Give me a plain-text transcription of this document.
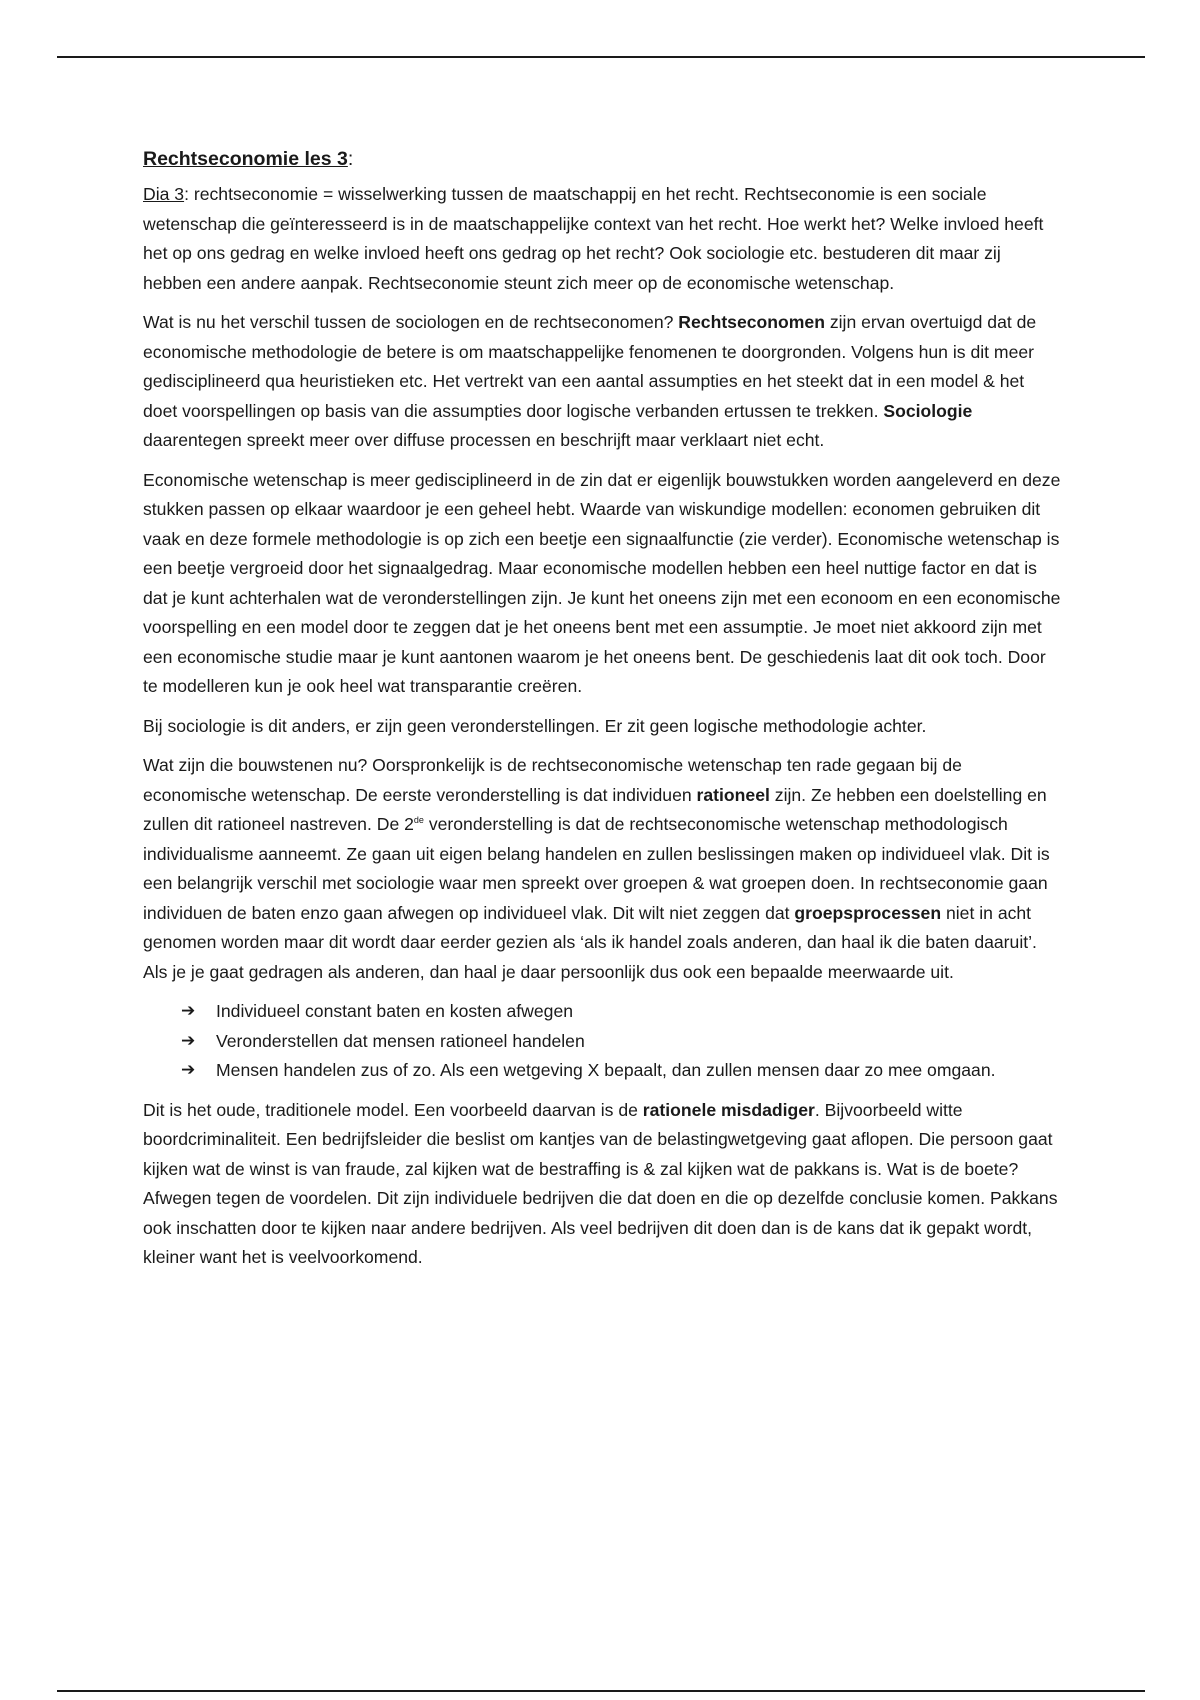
Rechtseconomie les 3:

Dia 3: rechtseconomie = wisselwerking tussen de maatschappij en het recht. Rechtseconomie is een sociale wetenschap die geïnteresseerd is in de maatschappelijke context van het recht. Hoe werkt het? Welke invloed heeft het op ons gedrag en welke invloed heeft ons gedrag op het recht? Ook sociologie etc. bestuderen dit maar zij hebben een andere aanpak. Rechtseconomie steunt zich meer op de economische wetenschap.

Wat is nu het verschil tussen de sociologen en de rechtseconomen? Rechtseconomen zijn ervan overtuigd dat de economische methodologie de betere is om maatschappelijke fenomenen te doorgronden. Volgens hun is dit meer gedisciplineerd qua heuristieken etc. Het vertrekt van een aantal assumpties en het steekt dat in een model & het doet voorspellingen op basis van die assumpties door logische verbanden ertussen te trekken. Sociologie daarentegen spreekt meer over diffuse processen en beschrijft maar verklaart niet echt.

Economische wetenschap is meer gedisciplineerd in de zin dat er eigenlijk bouwstukken worden aangeleverd en deze stukken passen op elkaar waardoor je een geheel hebt. Waarde van wiskundige modellen: economen gebruiken dit vaak en deze formele methodologie is op zich een beetje een signaalfunctie (zie verder). Economische wetenschap is een beetje vergroeid door het signaalgedrag. Maar economische modellen hebben een heel nuttige factor en dat is dat je kunt achterhalen wat de veronderstellingen zijn. Je kunt het oneens zijn met een econoom en een economische voorspelling en een model door te zeggen dat je het oneens bent met een assumptie. Je moet niet akkoord zijn met een economische studie maar je kunt aantonen waarom je het oneens bent. De geschiedenis laat dit ook toch. Door te modelleren kun je ook heel wat transparantie creëren.

Bij sociologie is dit anders, er zijn geen veronderstellingen. Er zit geen logische methodologie achter.

Wat zijn die bouwstenen nu? Oorspronkelijk is de rechtseconomische wetenschap ten rade gegaan bij de economische wetenschap. De eerste veronderstelling is dat individuen rationeel zijn. Ze hebben een doelstelling en zullen dit rationeel nastreven. De 2de veronderstelling is dat de rechtseconomische wetenschap methodologisch individualisme aanneemt. Ze gaan uit eigen belang handelen en zullen beslissingen maken op individueel vlak. Dit is een belangrijk verschil met sociologie waar men spreekt over groepen & wat groepen doen. In rechtseconomie gaan individuen de baten enzo gaan afwegen op individueel vlak. Dit wilt niet zeggen dat groepsprocessen niet in acht genomen worden maar dit wordt daar eerder gezien als ‘als ik handel zoals anderen, dan haal ik die baten daaruit’. Als je je gaat gedragen als anderen, dan haal je daar persoonlijk dus ook een bepaalde meerwaarde uit.

➔ Individueel constant baten en kosten afwegen
➔ Veronderstellen dat mensen rationeel handelen
➔ Mensen handelen zus of zo. Als een wetgeving X bepaalt, dan zullen mensen daar zo mee omgaan.

Dit is het oude, traditionele model. Een voorbeeld daarvan is de rationele misdadiger. Bijvoorbeeld witte boordcriminaliteit. Een bedrijfsleider die beslist om kantjes van de belastingwetgeving gaat aflopen. Die persoon gaat kijken wat de winst is van fraude, zal kijken wat de bestraffing is & zal kijken wat de pakkans is. Wat is de boete? Afwegen tegen de voordelen. Dit zijn individuele bedrijven die dat doen en die op dezelfde conclusie komen. Pakkans ook inschatten door te kijken naar andere bedrijven. Als veel bedrijven dit doen dan is de kans dat ik gepakt wordt, kleiner want het is veelvoorkomend.
